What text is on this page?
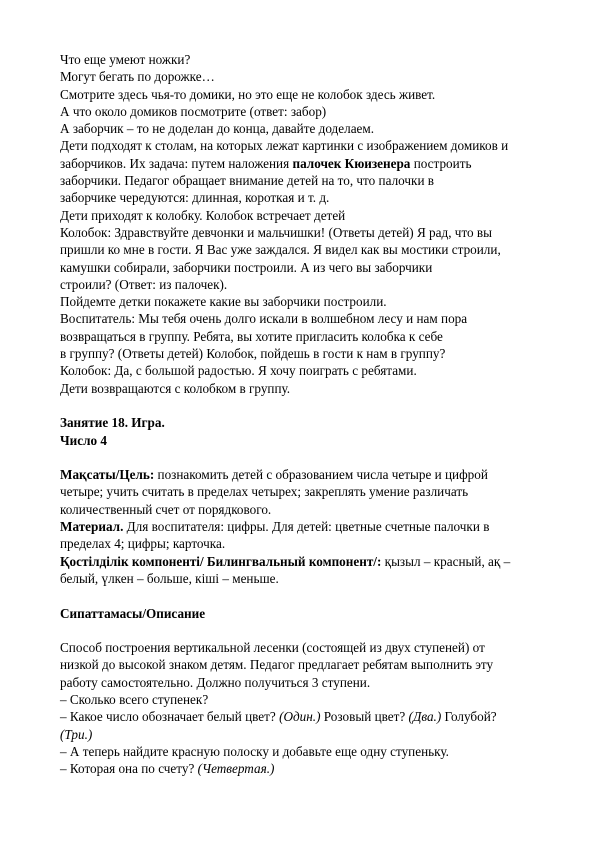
Что еще умеют ножки?
Могут бегать по дорожке…
Смотрите здесь чья-то домики, но это еще не колобок здесь живет.
А что около домиков посмотрите (ответ: забор)
А заборчик – то не доделан до конца, давайте доделаем.
Дети подходят к столам, на которых лежат картинки с изображением домиков и
заборчиков. Их задача: путем наложения палочек Кюизенера построить
заборчики. Педагог обращает внимание детей на то, что палочки в
заборчике чередуются: длинная, короткая и т. д.
Дети приходят к колобку. Колобок встречает детей
Колобок: Здравствуйте девчонки и мальчишки! (Ответы детей) Я рад, что вы
пришли ко мне в гости. Я Вас уже заждался. Я видел как вы мостики строили,
камушки собирали, заборчики построили. А из чего вы заборчики
строили? (Ответ: из палочек).
Пойдемте детки покажете какие вы заборчики построили.
Воспитатель: Мы тебя очень долго искали в волшебном лесу и нам пора
возвращаться в группу. Ребята, вы хотите пригласить колобка к себе
в группу? (Ответы детей) Колобок, пойдешь в гости к нам в группу?
Колобок: Да, с большой радостью. Я хочу поиграть с ребятами.
Дети возвращаются с колобком в группу.
Занятие 18. Игра.
Число 4
Мақсаты/Цель: познакомить детей с образованием числа четыре и цифрой
четыре; учить считать в пределах четырех; закреплять умение различать
количественный счет от порядкового.
Материал. Для воспитателя: цифры. Для детей: цветные счетные палочки в
пределах 4; цифры; карточка.
Қостілділік компоненті/ Билингвальный компонент/: қызыл – красный, ақ –
белый, үлкен – больше, кіші – меньше.
Сипаттамасы/Описание
Способ построения вертикальной лесенки (состоящей из двух ступеней) от
низкой до высокой знаком детям. Педагог предлагает ребятам выполнить эту
работу самостоятельно. Должно получиться 3 ступени.
– Сколько всего ступенек?
– Какое число обозначает белый цвет? (Один.) Розовый цвет? (Два.) Голубой?
(Три.)
– А теперь найдите красную полоску и добавьте еще одну ступеньку.
– Которая она по счету? (Четвертая.)
